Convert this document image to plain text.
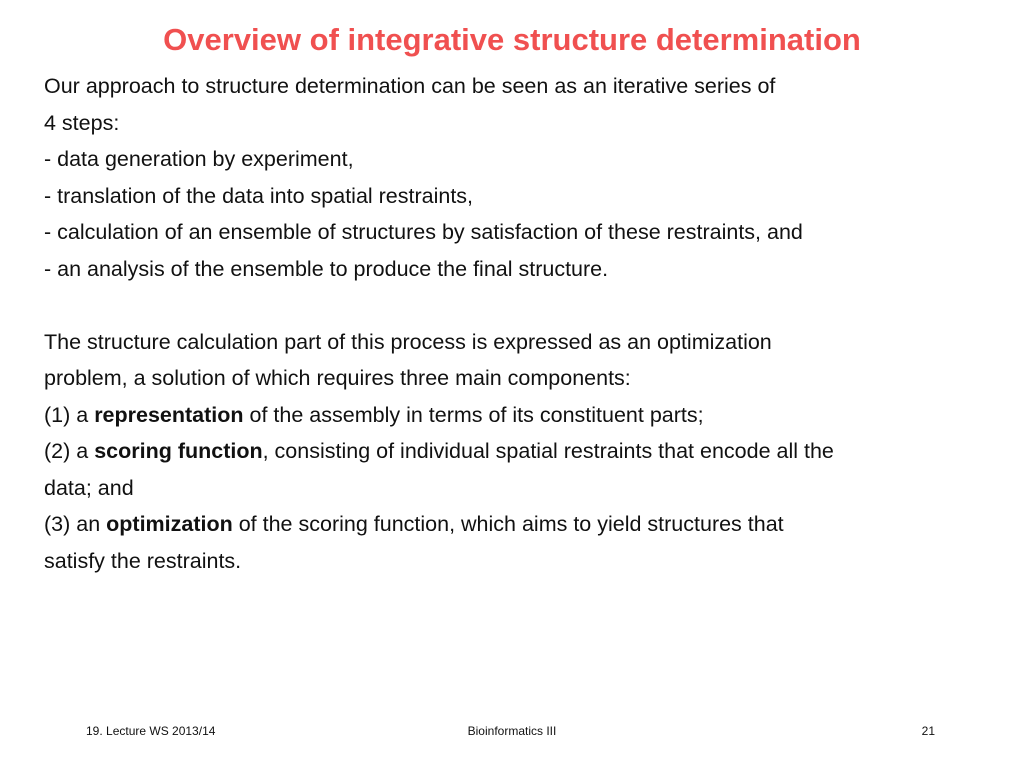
Overview of integrative structure determination
Our approach to structure determination can be seen as an iterative series of
4 steps:
- data generation by experiment,
- translation of the data into spatial restraints,
- calculation of an ensemble of structures by satisfaction of these restraints, and
- an analysis of the ensemble to produce the final structure.
The structure calculation part of this process is expressed as an optimization
problem, a solution of which requires three main components:
(1) a representation of the assembly in terms of its constituent parts;
(2) a scoring function, consisting of individual spatial restraints that encode all the
data; and
(3) an optimization of the scoring function, which aims to yield structures that
satisfy the restraints.
19. Lecture WS 2013/14	Bioinformatics III	21
